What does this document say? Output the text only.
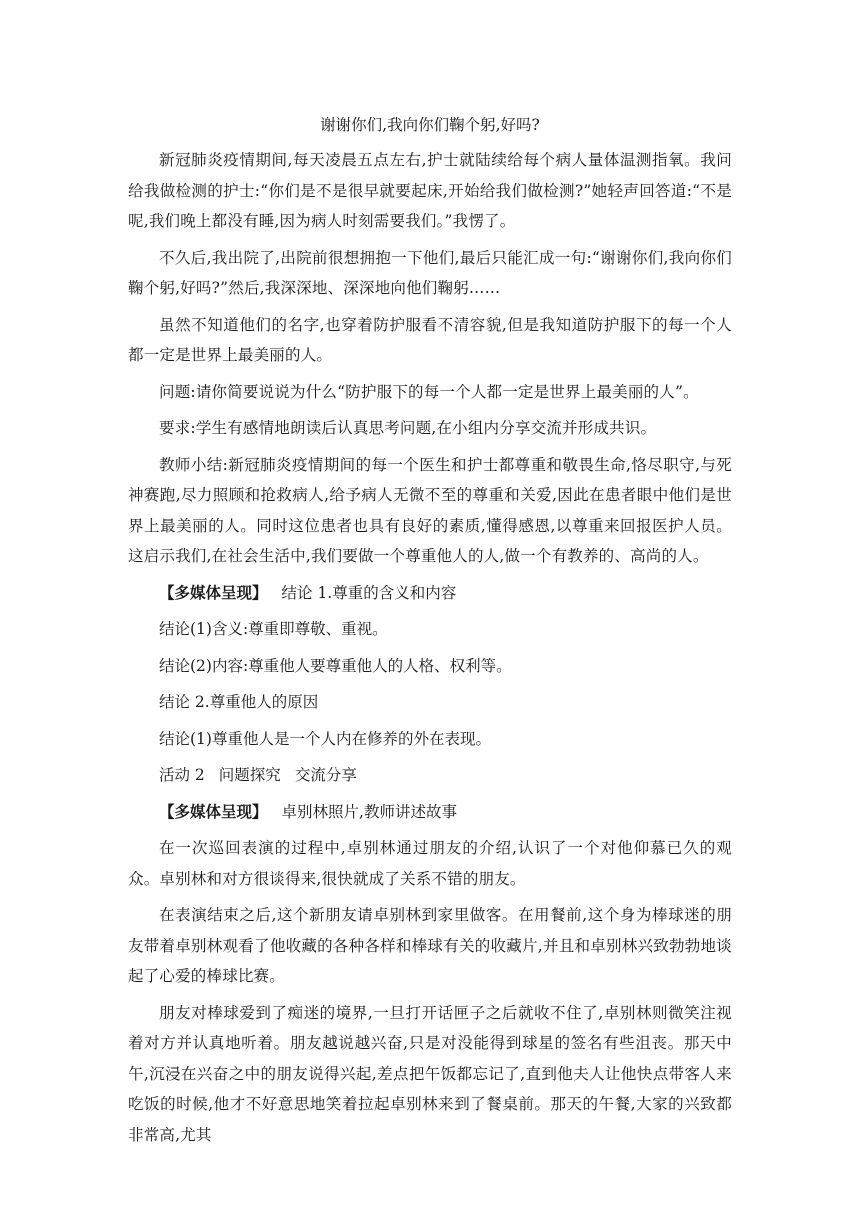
谢谢你们,我向你们鞠个躬,好吗?

新冠肺炎疫情期间,每天凌晨五点左右,护士就陆续给每个病人量体温测指氧。我问给我做检测的护士:“你们是不是很早就要起床,开始给我们做检测?”她轻声回答道:“不是呢,我们晚上都没有睡,因为病人时刻需要我们。”我愣了。

不久后,我出院了,出院前很想拥抱一下他们,最后只能汇成一句:“谢谢你们,我向你们鞠个躬,好吗?”然后,我深深地、深深地向他们鞠躬……

虽然不知道他们的名字,也穿着防护服看不清容貌,但是我知道防护服下的每一个人都一定是世界上最美丽的人。

问题:请你简要说说为什么“防护服下的每一个人都一定是世界上最美丽的人”。

要求:学生有感情地朗读后认真思考问题,在小组内分享交流并形成共识。

教师小结:新冠肺炎疫情期间的每一个医生和护士都尊重和敬畏生命,恪尽职守,与死神赛跑,尽力照顾和抢救病人,给予病人无微不至的尊重和关爱,因此在患者眼中他们是世界上最美丽的人。同时这位患者也具有良好的素质,懂得感恩,以尊重来回报医护人员。这启示我们,在社会生活中,我们要做一个尊重他人的人,做一个有教养的、高尚的人。

【多媒体呈现】 结论 1.尊重的含义和内容
结论(1)含义:尊重即尊敬、重视。
结论(2)内容:尊重他人要尊重他人的人格、权利等。
结论 2.尊重他人的原因
结论(1)尊重他人是一个人内在修养的外在表现。
活动 2 问题探究 交流分享
【多媒体呈现】 卓别林照片,教师讲述故事

在一次巡回表演的过程中,卓别林通过朋友的介绍,认识了一个对他仰慕已久的观众。卓别林和对方很谈得来,很快就成了关系不错的朋友。

在表演结束之后,这个新朋友请卓别林到家里做客。在用餐前,这个身为棒球迷的朋友带着卓别林观看了他收藏的各种各样和棒球有关的收藏片,并且和卓别林兴致勃勃地谈起了心爱的棒球比赛。

朋友对棒球爱到了痴迷的境界,一旦打开话匣子之后就收不住了,卓别林则微笑注视着对方并认真地听着。朋友越说越兴奋,只是对没能得到球星的签名有些沮丧。那天中午,沉浸在兴奋之中的朋友说得兴起,差点把午饭都忘记了,直到他夫人让他快点带客人来吃饭的时候,他才不好意思地笑着拉起卓别林来到了餐桌前。那天的午餐,大家的兴致都非常高,尤其
